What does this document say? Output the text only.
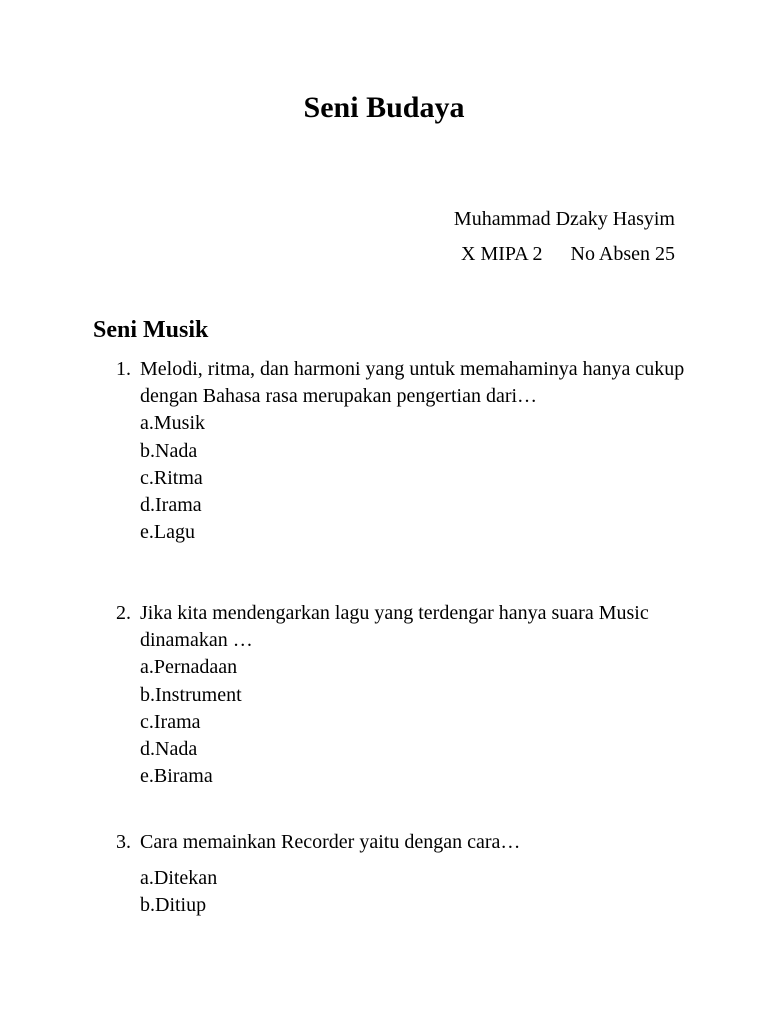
Seni Budaya
Muhammad Dzaky Hasyim
X MIPA 2 No Absen 25
Seni Musik
1. Melodi, ritma, dan harmoni yang untuk memahaminya hanya cukup dengan Bahasa rasa merupakan pengertian dari…
a.Musik
b.Nada
c.Ritma
d.Irama
e.Lagu
2. Jika kita mendengarkan lagu yang terdengar hanya suara Music dinamakan …
a.Pernadaan
b.Instrument
c.Irama
d.Nada
e.Birama
3. Cara memainkan Recorder yaitu dengan cara…
a.Ditekan
b.Ditiup
